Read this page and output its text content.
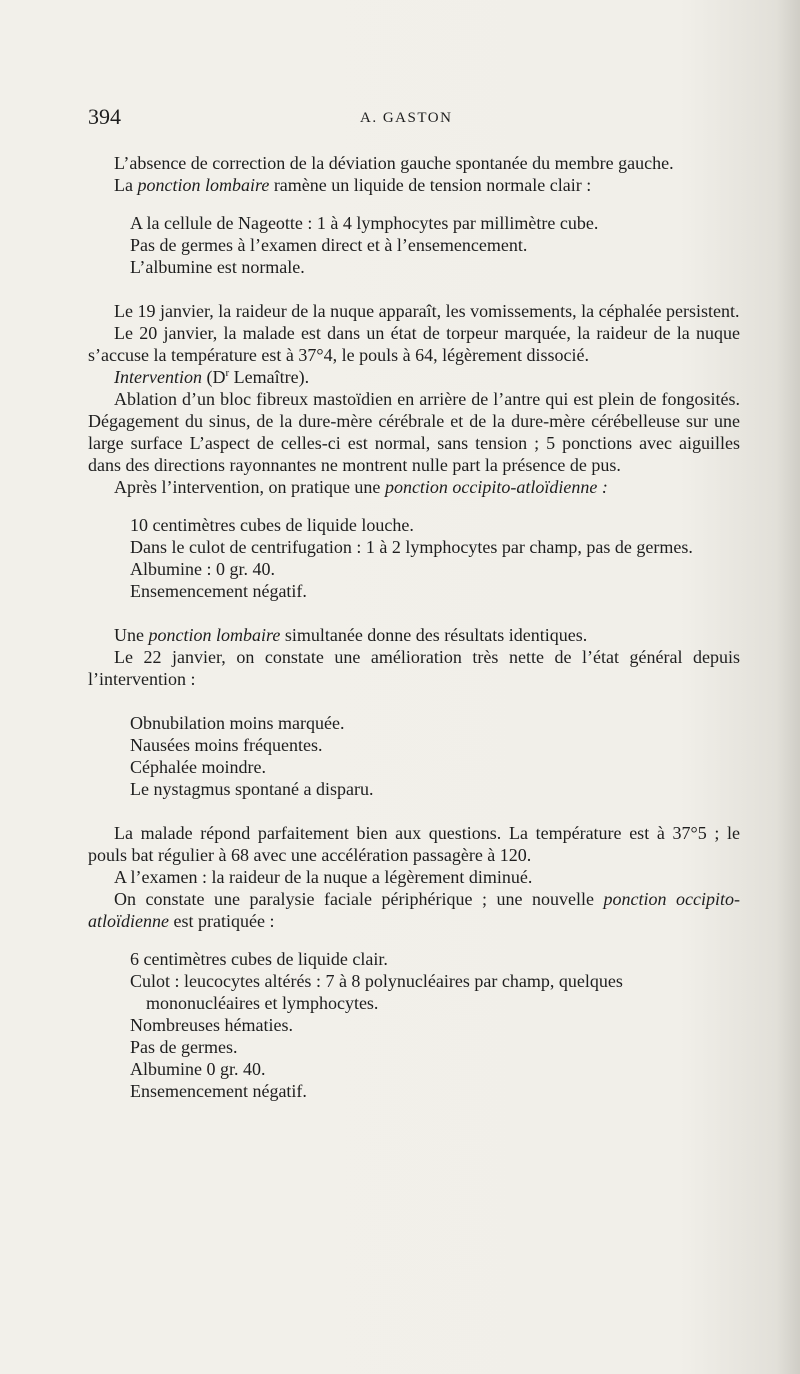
394	A. GASTON

L’absence de correction de la déviation gauche spontanée du membre gauche.

La ponction lombaire ramène un liquide de tension normale clair :

A la cellule de Nageotte : 1 à 4 lymphocytes par millimètre cube.

Pas de germes à l’examen direct et à l’ensemencement.

L’albumine est normale.

Le 19 janvier, la raideur de la nuque apparaît, les vomissements, la céphalée persistent.

Le 20 janvier, la malade est dans un état de torpeur marquée, la raideur de la nuque s’accuse la température est à 37°4, le pouls à 64, légèrement dissocié.

Intervention ($D^r$ Lemaître).

Ablation d’un bloc fibreux mastoïdien en arrière de l’antre qui est plein de fongosités. Dégagement du sinus, de la dure-mère cérébrale et de la dure-mère cérébelleuse sur une large surface L’aspect de celles-ci est normal, sans tension ; 5 ponctions avec aiguilles dans des directions rayonnantes ne montrent nulle part la présence de pus.

Après l’intervention, on pratique une ponction occipito-atloïdienne :

10 centimètres cubes de liquide louche.

Dans le culot de centrifugation : 1 à 2 lymphocytes par champ, pas de germes.

Albumine : 0 gr. 40.

Ensemencement négatif.

Une ponction lombaire simultanée donne des résultats identiques.

Le 22 janvier, on constate une amélioration très nette de l’état général depuis l’intervention :

Obnubilation moins marquée.

Nausées moins fréquentes.

Céphalée moindre.

Le nystagmus spontané a disparu.

La malade répond parfaitement bien aux questions. La température est à 37°5 ; le pouls bat régulier à 68 avec une accélération passagère à 120.

A l’examen : la raideur de la nuque a légèrement diminué.

On constate une paralysie faciale périphérique ; une nouvelle ponction occipito-atloïdienne est pratiquée :

6 centimètres cubes de liquide clair.

Culot : leucocytes altérés : 7 à 8 polynucléaires par champ, quelques mononucléaires et lymphocytes.

Nombreuses hématies.

Pas de germes.

Albumine 0 gr. 40.

Ensemencement négatif.
